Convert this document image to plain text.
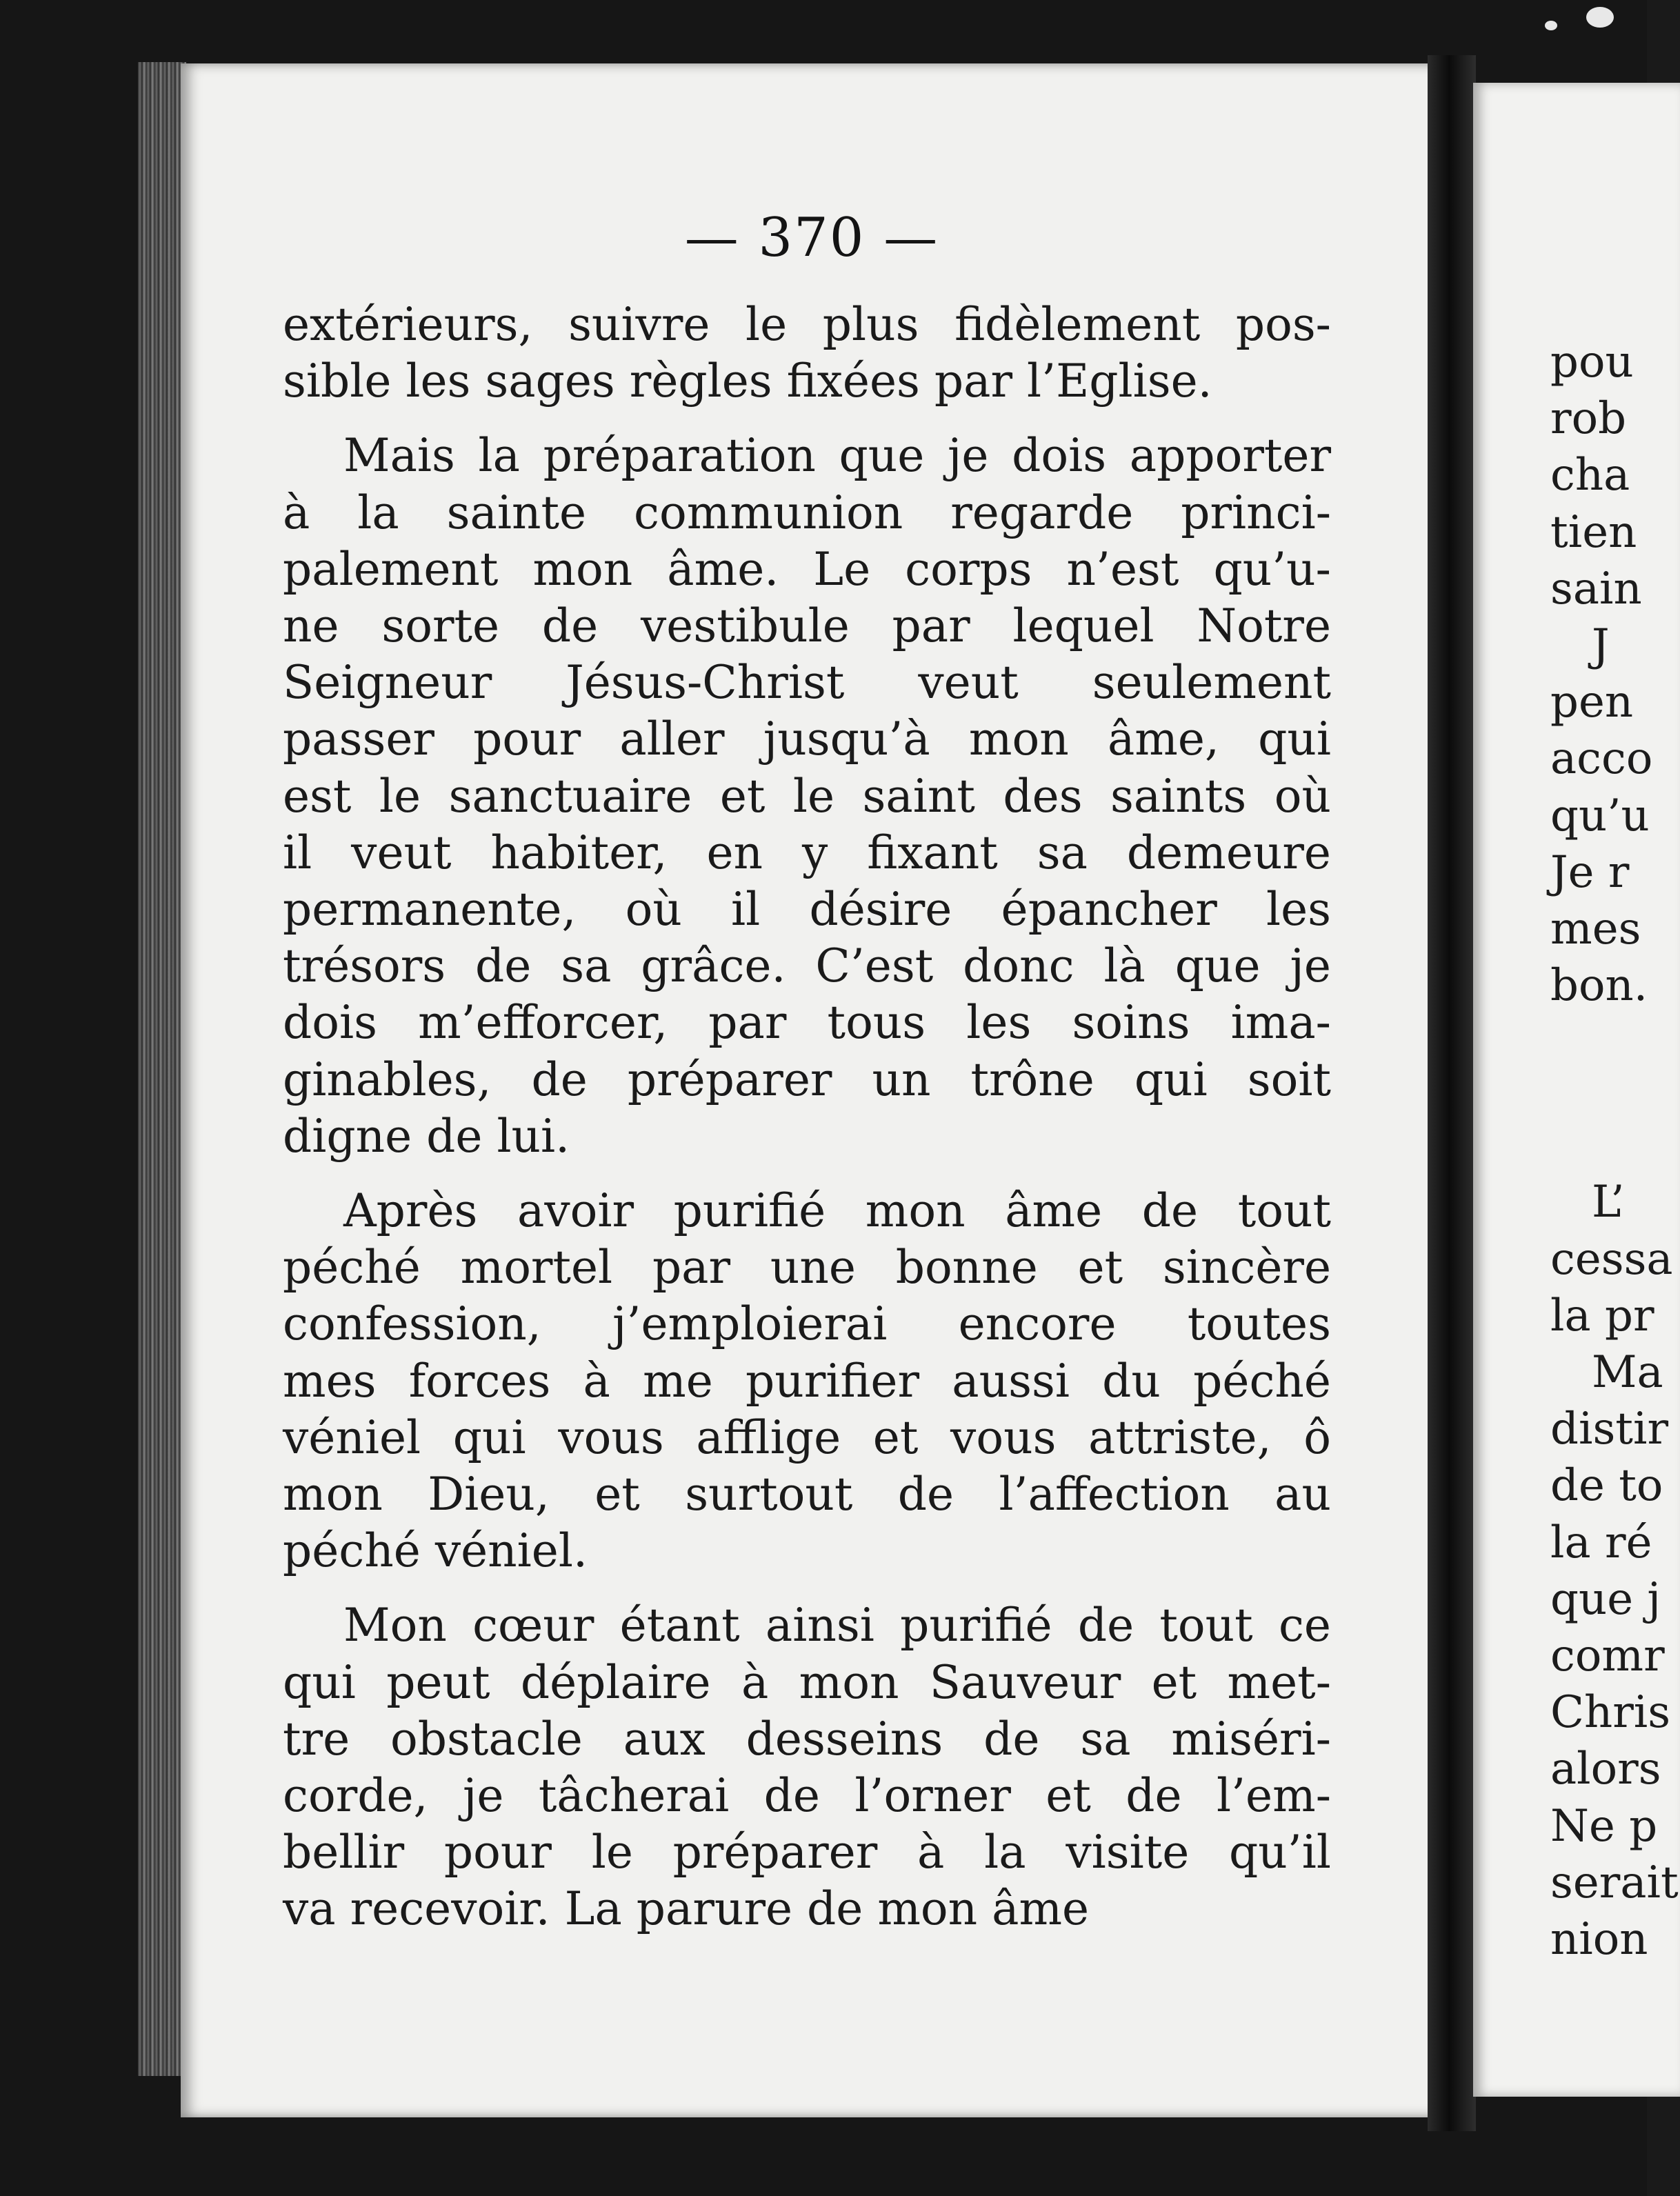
— 370 —
extérieurs, suivre le plus fidèlement pos-
sible les sages règles fixées par l’Eglise.
Mais la préparation que je dois apporter
à la sainte communion regarde princi-
palement mon âme. Le corps n’est qu’u-
ne sorte de vestibule par lequel Notre
Seigneur Jésus-Christ veut seulement
passer pour aller jusqu’à mon âme, qui
est le sanctuaire et le saint des saints où
il veut habiter, en y fixant sa demeure
permanente, où il désire épancher les
trésors de sa grâce. C’est donc là que je
dois m’efforcer, par tous les soins ima-
ginables, de préparer un trône qui soit
digne de lui.
Après avoir purifié mon âme de tout
péché mortel par une bonne et sincère
confession, j’emploierai encore toutes
mes forces à me purifier aussi du péché
véniel qui vous afflige et vous attriste, ô
mon Dieu, et surtout de l’affection au
péché véniel.
Mon cœur étant ainsi purifié de tout ce
qui peut déplaire à mon Sauveur et met-
tre obstacle aux desseins de sa miséri-
corde, je tâcherai de l’orner et de l’em-
bellir pour le préparer à la visite qu’il
va recevoir. La parure de mon âme
pou
rob
cha
tien
sain
J
pen
acco
qu’u
Je r
mes
bon.
L’
cessa
la pr
Ma
distir
de to
la ré
que j
comr
Chris
alors
Ne p
serait
nion
